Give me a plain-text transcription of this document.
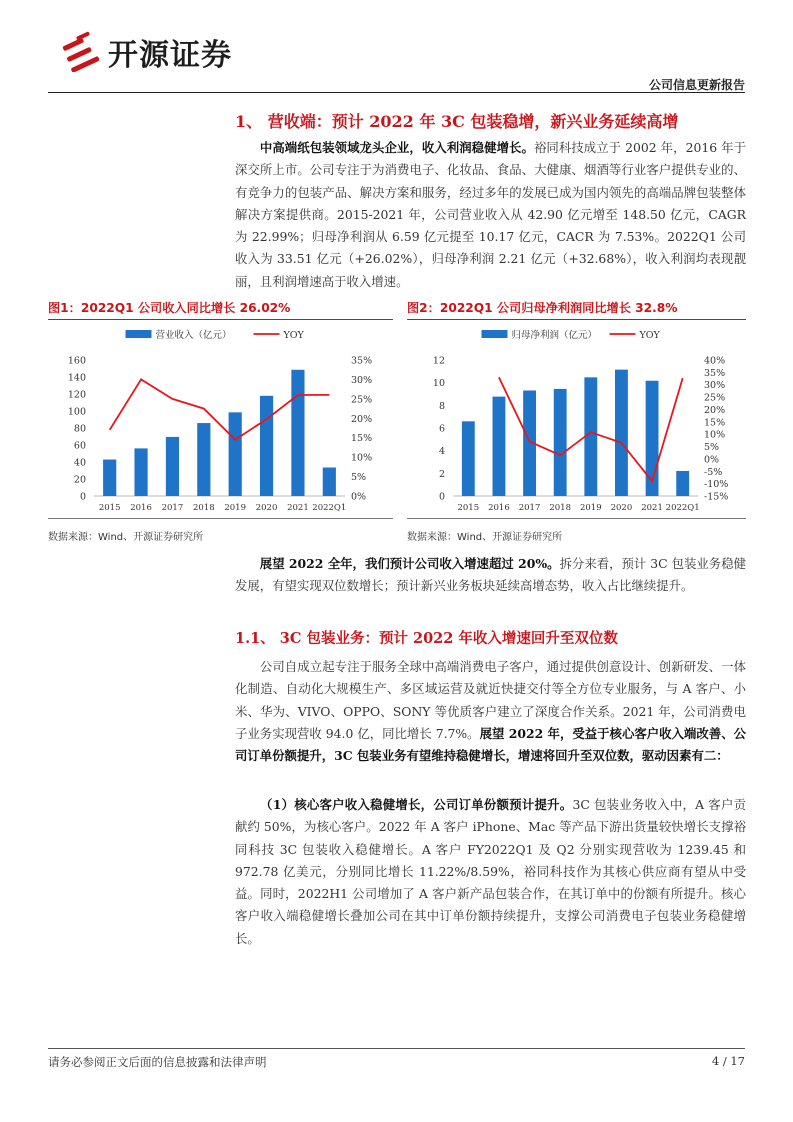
开源证券
公司信息更新报告
1、 营收端：预计 2022 年 3C 包装稳增，新兴业务延续高增

中高端纸包装领域龙头企业，收入利润稳健增长。裕同科技成立于 2002 年，2016 年于深交所上市。公司专注于为消费电子、化妆品、食品、大健康、烟酒等行业客户提供专业的、有竞争力的包装产品、解决方案和服务，经过多年的发展已成为国内领先的高端品牌包装整体解决方案提供商。2015-2021 年，公司营业收入从 42.90 亿元增至 148.50 亿元，CAGR 为 22.99%；归母净利润从 6.59 亿元提至 10.17 亿元，CACR 为 7.53%。2022Q1 公司收入为 33.51 亿元（+26.02%），归母净利润 2.21 亿元（+32.68%），收入利润均表现靓丽，且利润增速高于收入增速。

图1：2022Q1 公司收入同比增长 26.02%
营业收入（亿元）	YOY
0
20
40
60
80
100
120
140
160
0%
5%
10%
15%
20%
25%
30%
35%
2015 2016 2017 2018 2019 2020 2021 2022Q1
数据来源：Wind、开源证券研究所
图2：2022Q1 公司归母净利润同比增长 32.8%
归母净利润（亿元）	YOY
0
2
4
6
8
10
12
-15%
-10%
-5%
0%
5%
10%
15%
20%
25%
30%
35%
40%
2015 2016 2017 2018 2019 2020 2021 2022Q1
数据来源：Wind、开源证券研究所

展望 2022 全年，我们预计公司收入增速超过 20%。拆分来看，预计 3C 包装业务稳健发展，有望实现双位数增长；预计新兴业务板块延续高增态势，收入占比继续提升。

1.1、 3C 包装业务：预计 2022 年收入增速回升至双位数

公司自成立起专注于服务全球中高端消费电子客户，通过提供创意设计、创新研发、一体化制造、自动化大规模生产、多区域运营及就近快捷交付等全方位专业服务，与 A 客户、小米、华为、VIVO、OPPO、SONY 等优质客户建立了深度合作关系。2021 年，公司消费电子业务实现营收 94.0 亿，同比增长 7.7%。展望 2022 年，受益于核心客户收入端改善、公司订单份额提升，3C 包装业务有望维持稳健增长，增速将回升至双位数，驱动因素有二：

（1）核心客户收入稳健增长，公司订单份额预计提升。3C 包装业务收入中，A 客户贡献约 50%，为核心客户。2022 年 A 客户 iPhone、Mac 等产品下游出货量较快增长支撑裕同科技 3C 包装收入稳健增长。A 客户 FY2022Q1 及 Q2 分别实现营收为 1239.45 和 972.78 亿美元，分别同比增长 11.22%/8.59%，裕同科技作为其核心供应商有望从中受益。同时，2022H1 公司增加了 A 客户新产品包装合作，在其订单中的份额有所提升。核心客户收入端稳健增长叠加公司在其中订单份额持续提升，支撑公司消费电子包装业务稳健增长。

请务必参阅正文后面的信息披露和法律声明	4 / 17
